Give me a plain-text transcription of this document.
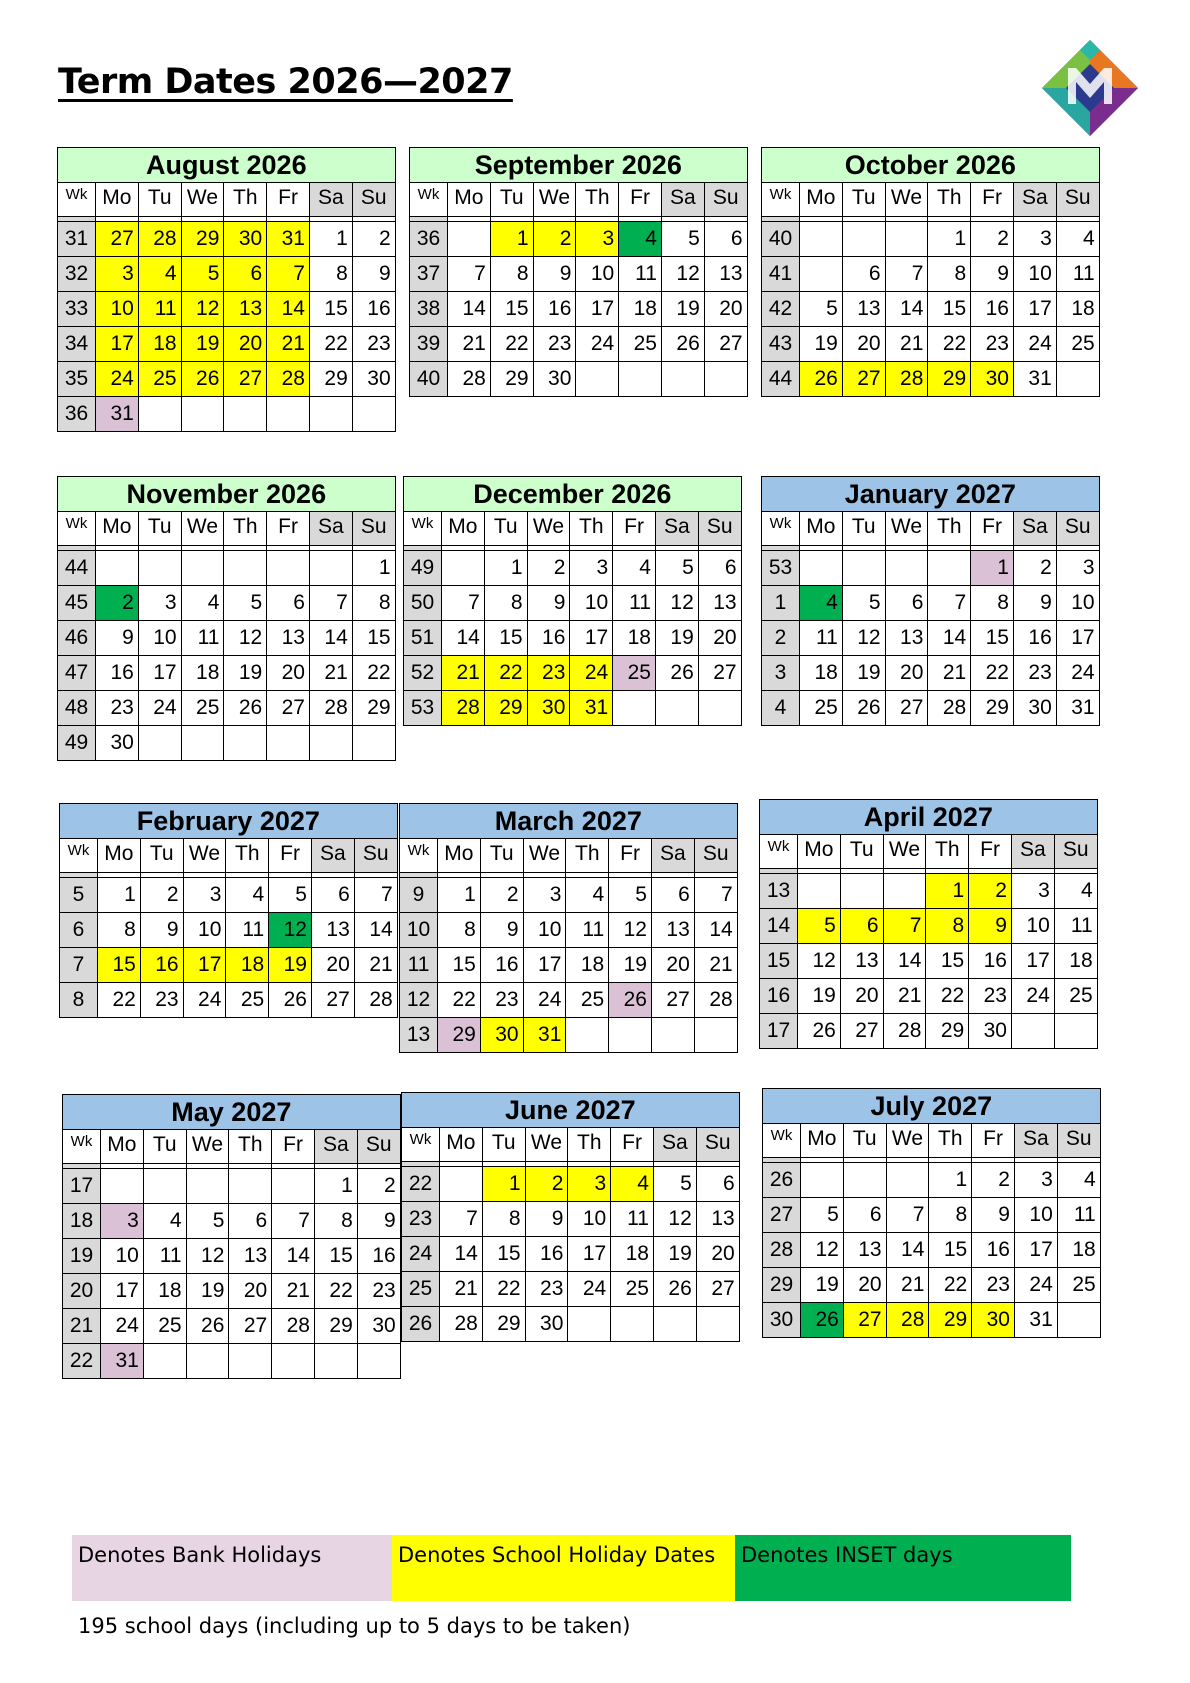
Term Dates 2026—2027
August 2026							
Wk	Mo	Tu	We	Th	Fr	Sa	Su

31	27	28	29	30	31	1	2
32	3	4	5	6	7	8	9
33	10	11	12	13	14	15	16
34	17	18	19	20	21	22	23
35	24	25	26	27	28	29	30
36	31						
September 2026							
Wk	Mo	Tu	We	Th	Fr	Sa	Su

36		1	2	3	4	5	6
37	7	8	9	10	11	12	13
38	14	15	16	17	18	19	20
39	21	22	23	24	25	26	27
40	28	29	30				
October 2026							
Wk	Mo	Tu	We	Th	Fr	Sa	Su

40				1	2	3	4
41		6	7	8	9	10	11
42	5	13	14	15	16	17	18
43	19	20	21	22	23	24	25
44	26	27	28	29	30	31	
November 2026							
Wk	Mo	Tu	We	Th	Fr	Sa	Su

44							1
45	2	3	4	5	6	7	8
46	9	10	11	12	13	14	15
47	16	17	18	19	20	21	22
48	23	24	25	26	27	28	29
49	30						
December 2026							
Wk	Mo	Tu	We	Th	Fr	Sa	Su

49		1	2	3	4	5	6
50	7	8	9	10	11	12	13
51	14	15	16	17	18	19	20
52	21	22	23	24	25	26	27
53	28	29	30	31			
January 2027							
Wk	Mo	Tu	We	Th	Fr	Sa	Su

53					1	2	3
1	4	5	6	7	8	9	10
2	11	12	13	14	15	16	17
3	18	19	20	21	22	23	24
4	25	26	27	28	29	30	31
February 2027							
Wk	Mo	Tu	We	Th	Fr	Sa	Su

5	1	2	3	4	5	6	7
6	8	9	10	11	12	13	14
7	15	16	17	18	19	20	21
8	22	23	24	25	26	27	28
March 2027							
Wk	Mo	Tu	We	Th	Fr	Sa	Su

9	1	2	3	4	5	6	7
10	8	9	10	11	12	13	14
11	15	16	17	18	19	20	21
12	22	23	24	25	26	27	28
13	29	30	31				
April 2027							
Wk	Mo	Tu	We	Th	Fr	Sa	Su

13				1	2	3	4
14	5	6	7	8	9	10	11
15	12	13	14	15	16	17	18
16	19	20	21	22	23	24	25
17	26	27	28	29	30		
May 2027							
Wk	Mo	Tu	We	Th	Fr	Sa	Su

17						1	2
18	3	4	5	6	7	8	9
19	10	11	12	13	14	15	16
20	17	18	19	20	21	22	23
21	24	25	26	27	28	29	30
22	31						
June 2027							
Wk	Mo	Tu	We	Th	Fr	Sa	Su

22		1	2	3	4	5	6
23	7	8	9	10	11	12	13
24	14	15	16	17	18	19	20
25	21	22	23	24	25	26	27
26	28	29	30				
July 2027							
Wk	Mo	Tu	We	Th	Fr	Sa	Su

26				1	2	3	4
27	5	6	7	8	9	10	11
28	12	13	14	15	16	17	18
29	19	20	21	22	23	24	25
30	26	27	28	29	30	31	
Denotes Bank Holidays	Denotes School Holiday Dates	Denotes INSET days
195 school days (including up to 5 days to be taken)
